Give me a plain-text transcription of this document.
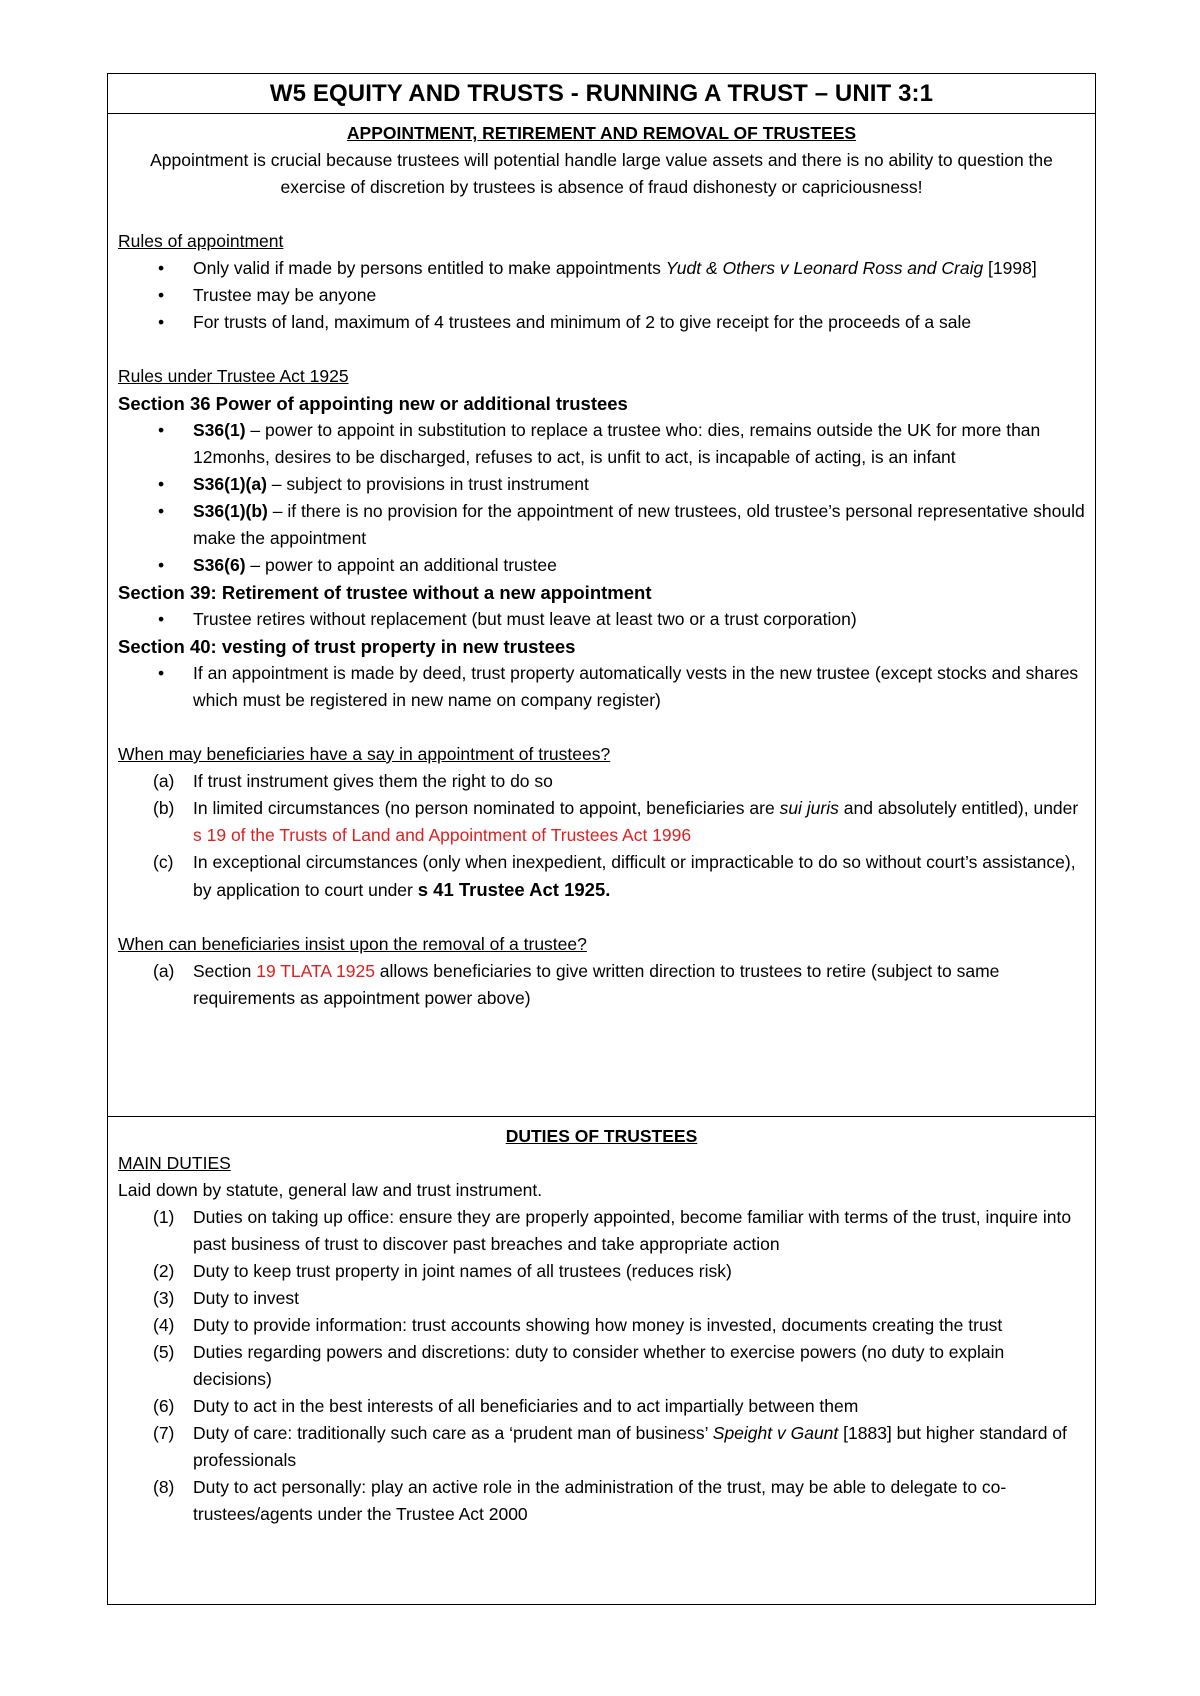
W5 EQUITY AND TRUSTS - RUNNING A TRUST – UNIT 3:1
APPOINTMENT, RETIREMENT AND REMOVAL OF TRUSTEES

Appointment is crucial because trustees will potential handle large value assets and there is no ability to question the exercise of discretion by trustees is absence of fraud dishonesty or capriciousness!

Rules of appointment

• Only valid if made by persons entitled to make appointments Yudt & Others v Leonard Ross and Craig [1998]
• Trustee may be anyone
• For trusts of land, maximum of 4 trustees and minimum of 2 to give receipt for the proceeds of a sale

Rules under Trustee Act 1925

Section 36 Power of appointing new or additional trustees

• S36(1) – power to appoint in substitution to replace a trustee who: dies, remains outside the UK for more than 12monhs, desires to be discharged, refuses to act, is unfit to act, is incapable of acting, is an infant
• S36(1)(a) – subject to provisions in trust instrument
• S36(1)(b) – if there is no provision for the appointment of new trustees, old trustee’s personal representative should make the appointment
• S36(6) – power to appoint an additional trustee

Section 39: Retirement of trustee without a new appointment

• Trustee retires without replacement (but must leave at least two or a trust corporation)

Section 40: vesting of trust property in new trustees

• If an appointment is made by deed, trust property automatically vests in the new trustee (except stocks and shares which must be registered in new name on company register)

When may beneficiaries have a say in appointment of trustees?

(a) If trust instrument gives them the right to do so
(b) In limited circumstances (no person nominated to appoint, beneficiaries are sui juris and absolutely entitled), under s 19 of the Trusts of Land and Appointment of Trustees Act 1996
(c) In exceptional circumstances (only when inexpedient, difficult or impracticable to do so without court’s assistance), by application to court under s 41 Trustee Act 1925.

When can beneficiaries insist upon the removal of a trustee?

(a) Section 19 TLATA 1925 allows beneficiaries to give written direction to trustees to retire (subject to same requirements as appointment power above)
DUTIES OF TRUSTEES

MAIN DUTIES

Laid down by statute, general law and trust instrument.

(1) Duties on taking up office: ensure they are properly appointed, become familiar with terms of the trust, inquire into past business of trust to discover past breaches and take appropriate action
(2) Duty to keep trust property in joint names of all trustees (reduces risk)
(3) Duty to invest
(4) Duty to provide information: trust accounts showing how money is invested, documents creating the trust
(5) Duties regarding powers and discretions: duty to consider whether to exercise powers (no duty to explain decisions)
(6) Duty to act in the best interests of all beneficiaries and to act impartially between them
(7) Duty of care: traditionally such care as a ‘prudent man of business’ Speight v Gaunt [1883] but higher standard of professionals
(8) Duty to act personally: play an active role in the administration of the trust, may be able to delegate to co-trustees/agents under the Trustee Act 2000
